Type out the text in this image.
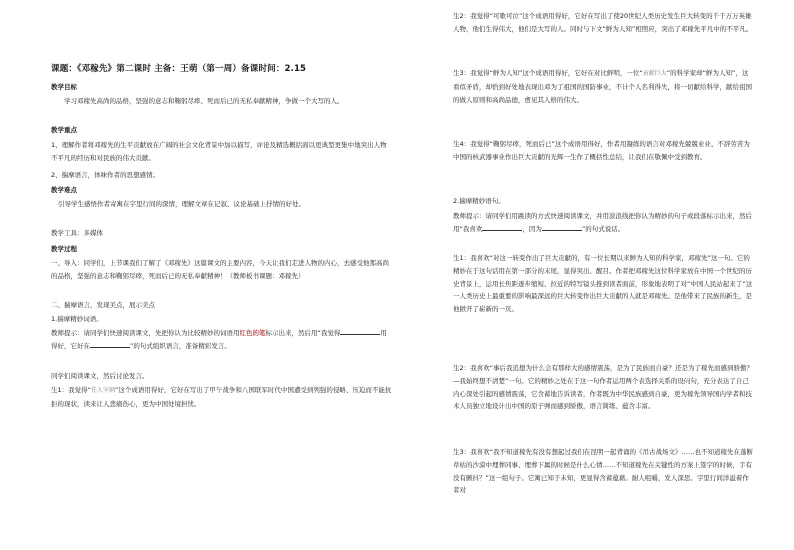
课题：《邓稼先》第二课时 主备：王萌（第一周）备课时间：2.15
教学目标
学习邓稼先高尚的品格，坚强的意志和鞠躬尽瘁、死而后已的无私奉献精神，争做一个大写的人。
教学重点
1、理解作者将邓稼先的生平贡献放在广阔的社会文化背景中加以描写，评论及精选概括面以更典型更集中地突出人物不平凡的经历和对民族的伟大贡献。
2、揣摩语言，体味作者的思想感情。
教学难点
引导学生感悟作者寄寓在字里行间的深情，理解文章在记叙、议论基础上抒情的好处。
教学工具：多媒体
教学过程
一、导入：同学们，上节课我们了解了《邓稼先》这篇课文的主要内容，今天让我们走进人物的内心，去感受他那高尚的品格，坚强的意志和鞠躬尽瘁，死而后已的无私奉献精神！（教师板书课题：邓稼先）
二、揣摩语言，发现美点，展示美点
1.揣摩精妙词语。
教师提示：请同学们快速阅读课文，先把你认为比较精妙的词语用红色的笔标示出来，然后用“我觉得	用得好，它好在	”的句式组织语言，准备精彩发言。
同学们阅读课文，然后讨论发言。
生1：我觉得“任人宰割”这个成语用得好，它好在写出了甲午战争和八国联军时代中国遭受到列强的侵略、压迫而不能抗拒的现状，读来让人悲痛伤心，更为中国处境担忧。
生2：我觉得“可歌可泣”这个成语用得好，它好在写出了使20世纪人类历史发生巨大转变的千千万万英雄人物，他们生得伟大，他们是大写的人。同时与下文“鲜为人知”相照应，突出了邓稼先平凡中的不平凡。
生3：我觉得“鲜为人知”这个成语用得好，它好在对比鲜明，一位“贡献巨大”的科学家却“鲜为人知”，这看似矛盾，却恰到好处地表现出邓为了祖国的国防事业，不计个人名利得失，将一切献给科学，献给祖国的做人原则和高尚品德，愈见其人格的伟大。
生4：我觉得“鞠躬尽瘁，死而后已”这个成语用得好，作者用凝练的语言对邓稼先兢兢业业、不辞劳苦为中国的核武器事业作出巨大贡献的光辉一生作了概括性总结，让我们在敬佩中受到教育。
2.揣摩精妙语句。
教师提示：请同学们用跳读的方式快速阅读课文，并用波浪线把你认为精妙的句子或段落标示出来，然后用“我喜欢	，因为	”的句式说话。
生1：我喜欢“对这一转变作出了巨大贡献的，有一位长期以来鲜为人知的科学家，邓稼先”这一句。它的精妙在于这句话用在第一部分的末尾，显得突出、醒目。作者把邓稼先这位科学家放在中国一个世纪的历史背景上，运用长焦距逐步缩短、拉近的特写镜头推到读者面前，形象地表明了对“中国人民站起来了”这一人类历史上最重要的影响最深远的巨大转变作出巨大贡献的人就是邓稼先。是他带来了民族的新生，是他掀开了崭新的一页。
生2：我喜欢“事后我追想为什么会有那样大的感情震荡，是为了民族而自豪？还是为了稼先而感到骄傲？—我始终想不清楚”一句。它的精妙之处在于这一句作者运用两个表选择关系的设问句，充分表达了自己内心深处引起的感情震荡，它含蓄地告诉读者，作者既为中华民族感到自豪，更为稼先领导国内学者和技术人员独立地设计出中国的原子弹而感到骄傲，语言简练、蕴含丰富。
生3：我喜欢“我不知道稼先有没有想起过我们在昆明一起背诵的《吊古战场文》……也不知道稼先在蓬断草枯的沙漠中埋葬同事、埋葬下属的时候是什么心情……不知道稼先在关键性的方案上签字的时候，手有没有颤抖？”这一组句子。它寓已知于未知，更显得含蓄蕴藉。耐人咀嚼，发人深思。字里行间洋溢着作者对
